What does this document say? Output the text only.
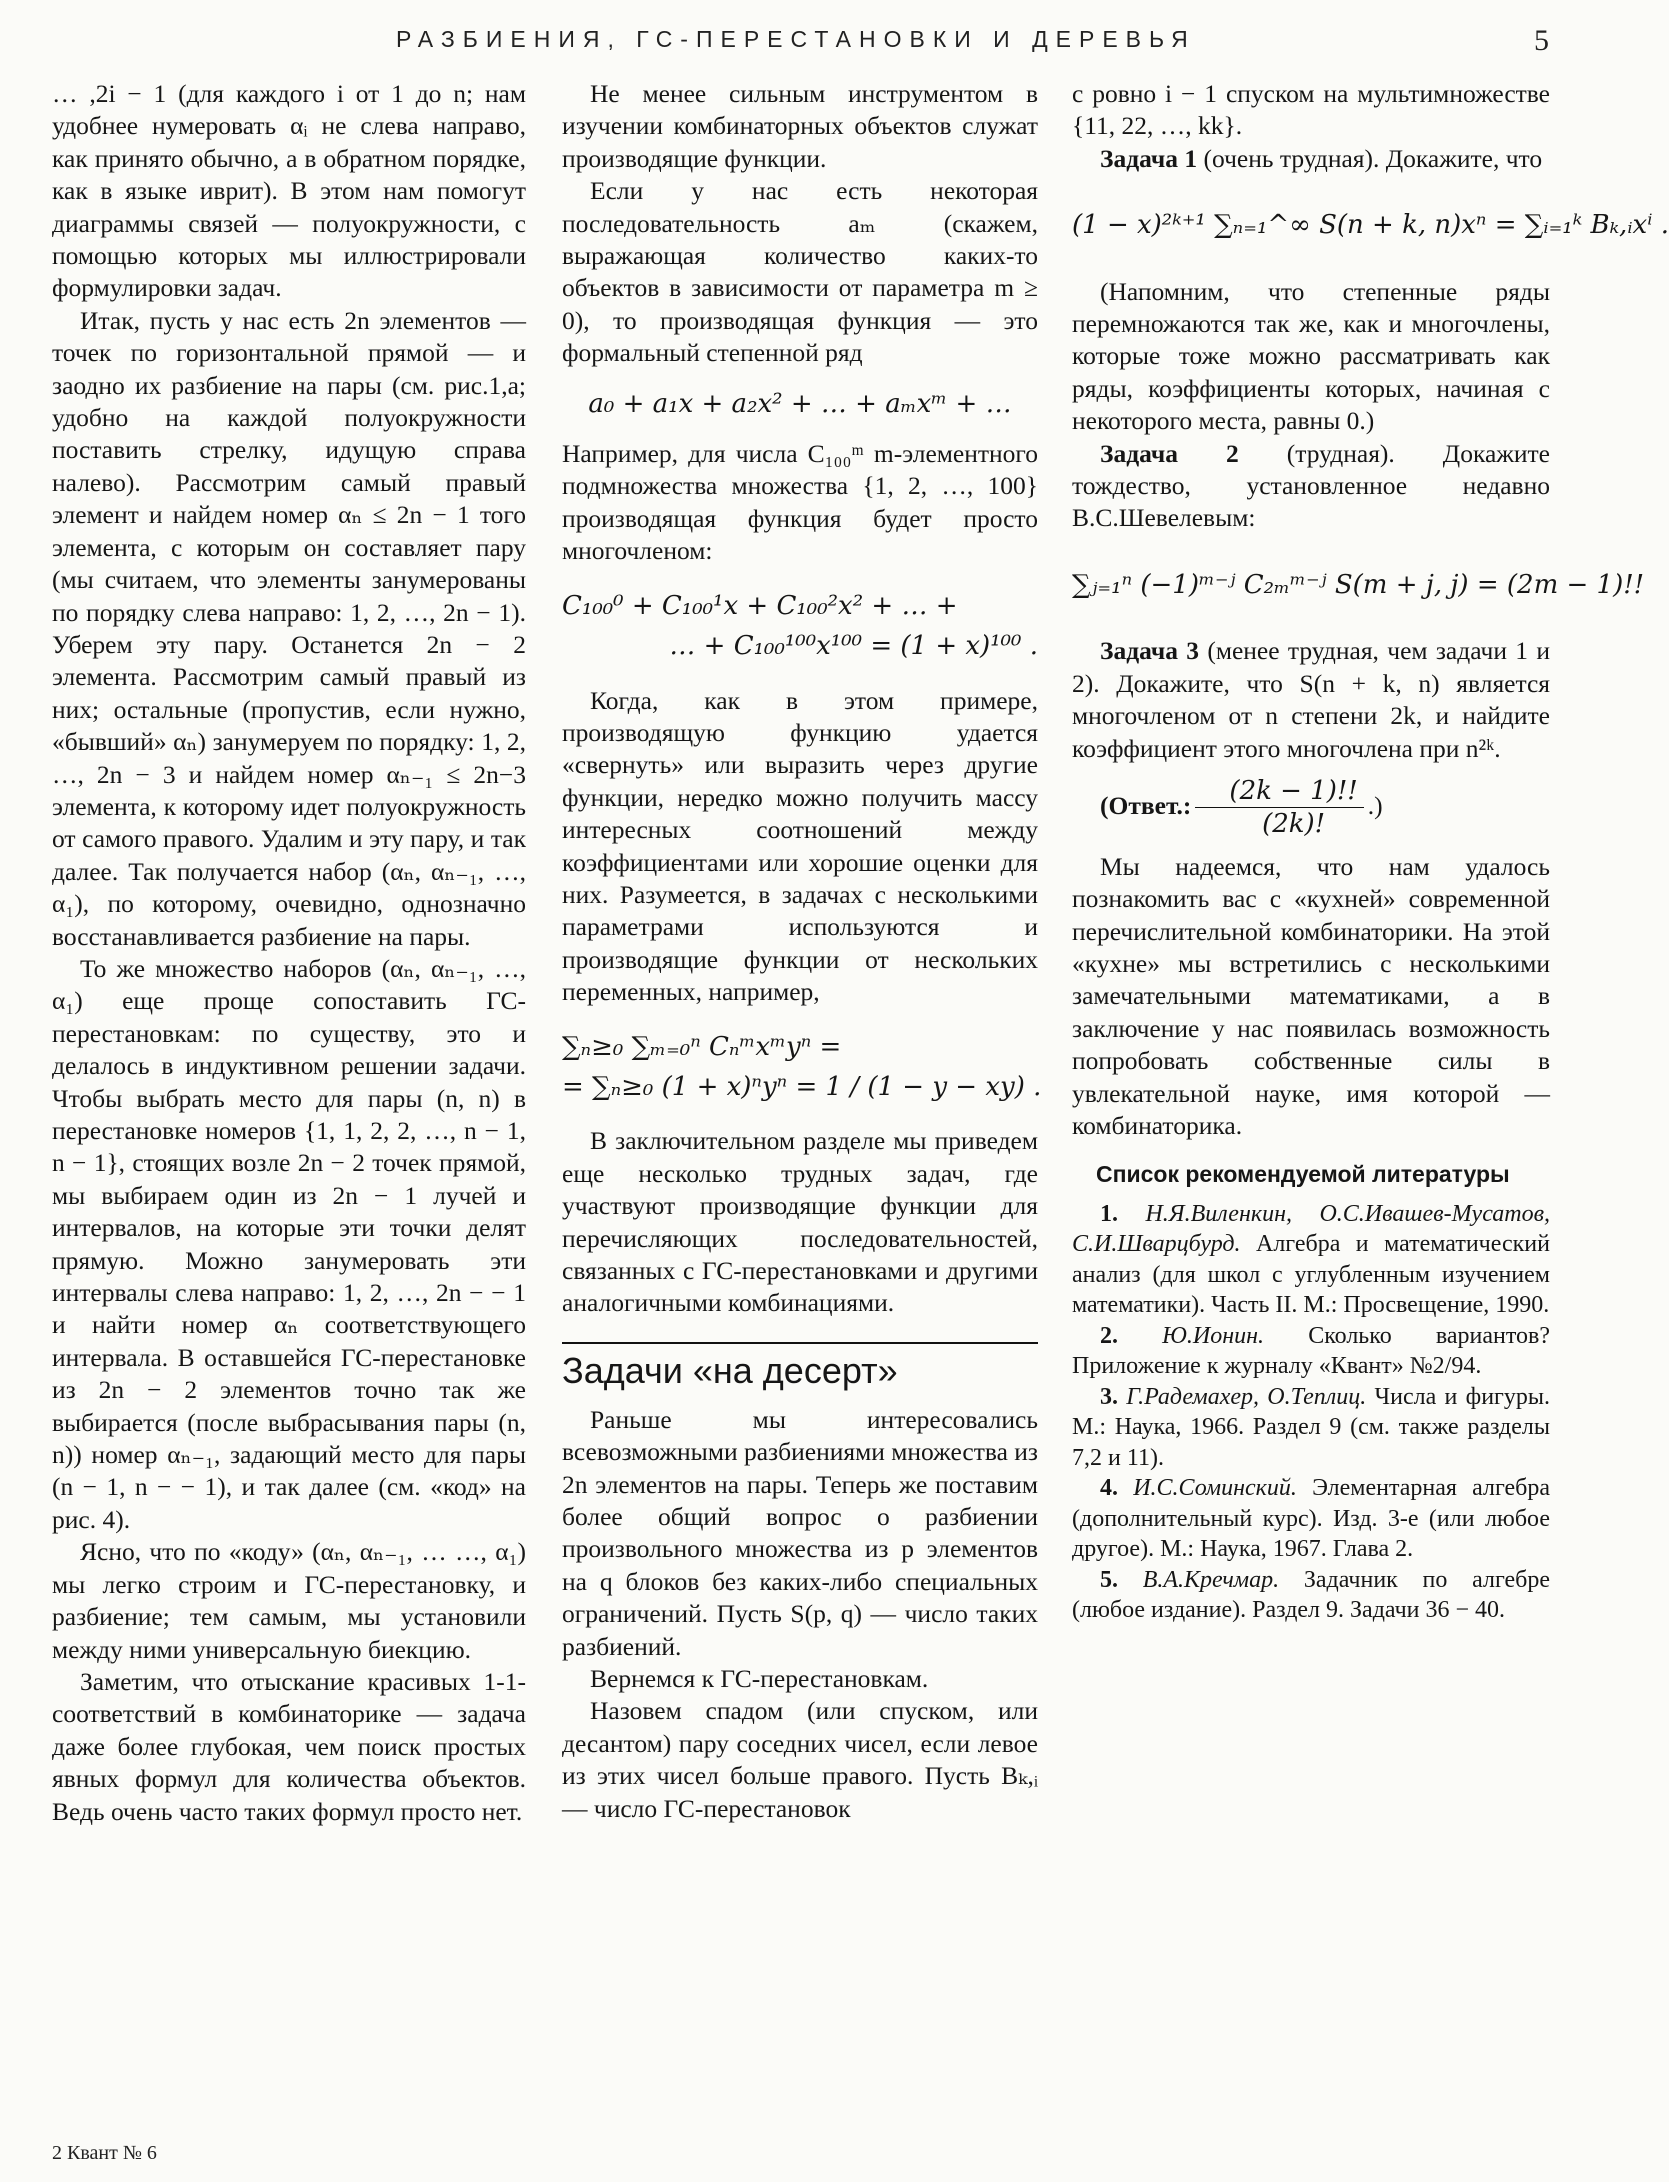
РАЗБИЕНИЯ, ГС-ПЕРЕСТАНОВКИ И ДЕРЕВЬЯ	5

… ,2i − 1 (для каждого i от 1 до n; нам удобнее нумеровать αᵢ не слева направо, как принято обычно, а в обратном порядке, как в языке иврит). В этом нам помогут диаграммы связей — полуокружности, с помощью которых мы иллюстрировали формулировки задач.

Итак, пусть у нас есть 2n элементов — точек по горизонтальной прямой — и заодно их разбиение на пары (см. рис.1,а; удобно на каждой полуокружности поставить стрелку, идущую справа налево). Рассмотрим самый правый элемент и найдем номер αₙ ≤ 2n − 1 того элемента, с которым он составляет пару (мы считаем, что элементы занумерованы по порядку слева направо: 1, 2, …, 2n − 1). Уберем эту пару. Останется 2n − 2 элемента. Рассмотрим самый правый из них; остальные (пропустив, если нужно, «бывший» αₙ) занумеруем по порядку: 1, 2, …, 2n − 3 и найдем номер αₙ₋₁ ≤ 2n−3 элемента, к которому идет полуокружность от самого правого. Удалим и эту пару, и так далее. Так получается набор (αₙ, αₙ₋₁, …, α₁), по которому, очевидно, однозначно восстанавливается разбиение на пары.

То же множество наборов (αₙ, αₙ₋₁, …, α₁) еще проще сопоставить ГС-перестановкам: по существу, это и делалось в индуктивном решении задачи. Чтобы выбрать место для пары (n, n) в перестановке номеров {1, 1, 2, 2, …, n − 1, n − 1}, стоящих возле 2n − 2 точек прямой, мы выбираем один из 2n − 1 лучей и интервалов, на которые эти точки делят прямую. Можно занумеровать эти интервалы слева направо: 1, 2, …, 2n − − 1 и найти номер αₙ соответствующего интервала. В оставшейся ГС-перестановке из 2n − 2 элементов точно так же выбирается (после выбрасывания пары (n, n)) номер αₙ₋₁, задающий место для пары (n − 1, n − − 1), и так далее (см. «код» на рис. 4).

Ясно, что по «коду» (αₙ, αₙ₋₁, … …, α₁) мы легко строим и ГС-перестановку, и разбиение; тем самым, мы установили между ними универсальную биекцию.

Заметим, что отыскание красивых 1-1-соответствий в комбинаторике — задача даже более глубокая, чем поиск простых явных формул для количества объектов. Ведь очень часто таких формул просто нет.

Не менее сильным инструментом в изучении комбинаторных объектов служат производящие функции.

Если у нас есть некоторая последовательность aₘ (скажем, выражающая количество каких-то объектов в зависимости от параметра m ≥ 0), то производящая функция — это формальный степенной ряд

a₀ + a₁x + a₂x² + … + aₘxᵐ + …

Например, для числа C₁₀₀ᵐ m-элементного подмножества множества {1, 2, …, 100} производящая функция будет просто многочленом:

C₁₀₀⁰ + C₁₀₀¹x + C₁₀₀²x² + … +
… + C₁₀₀¹⁰⁰x¹⁰⁰ = (1 + x)¹⁰⁰ .

Когда, как в этом примере, производящую функцию удается «свернуть» или выразить через другие функции, нередко можно получить массу интересных соотношений между коэффициентами или хорошие оценки для них. Разумеется, в задачах с несколькими параметрами используются и производящие функции от нескольких переменных, например,

∑ₙ≥₀ ∑ₘ₌₀ⁿ Cₙᵐxᵐyⁿ =
= ∑ₙ≥₀ (1 + x)ⁿyⁿ = 1 / (1 − y − xy) .

В заключительном разделе мы приведем еще несколько трудных задач, где участвуют производящие функции для перечисляющих последовательностей, связанных с ГС-перестановками и другими аналогичными комбинациями.

Задачи «на десерт»

Раньше мы интересовались всевозможными разбиениями множества из 2n элементов на пары. Теперь же поставим более общий вопрос о разбиении произвольного множества из p элементов на q блоков без каких-либо специальных ограничений. Пусть S(p, q) — число таких разбиений.

Вернемся к ГС-перестановкам.

Назовем спадом (или спуском, или десантом) пару соседних чисел, если левое из этих чисел больше правого. Пусть Bₖ,ᵢ — число ГС-перестановок

с ровно i − 1 спуском на мультимножестве {11, 22, …, kk}.

Задача 1 (очень трудная). Докажите, что

(1 − x)²ᵏ⁺¹ ∑ₙ₌₁^∞ S(n + k, n)xⁿ = ∑ᵢ₌₁ᵏ Bₖ,ᵢxⁱ .

(Напомним, что степенные ряды перемножаются так же, как и многочлены, которые тоже можно рассматривать как ряды, коэффициенты которых, начиная с некоторого места, равны 0.)

Задача 2 (трудная). Докажите тождество, установленное недавно В.С.Шевелевым:

∑ⱼ₌₁ⁿ (−1)ᵐ⁻ʲ C₂ₘᵐ⁻ʲ S(m + j, j) = (2m − 1)!!

Задача 3 (менее трудная, чем задачи 1 и 2). Докажите, что S(n + k, n) является многочленом от n степени 2k, и найдите коэффициент этого многочлена при n²ᵏ.

(Ответ.: $\frac{(2k - 1)!!}{(2k)!}$ .)

Мы надеемся, что нам удалось познакомить вас с «кухней» современной перечислительной комбинаторики. На этой «кухне» мы встретились с несколькими замечательными математиками, а в заключение у нас появилась возможность попробовать собственные силы в увлекательной науке, имя которой — комбинаторика.

Список рекомендуемой литературы

1. Н.Я.Виленкин, О.С.Ивашев-Мусатов, С.И.Шварцбурд. Алгебра и математический анализ (для школ с углубленным изучением математики). Часть II. М.: Просвещение, 1990.

2. Ю.Ионин. Сколько вариантов? Приложение к журналу «Квант» №2/94.

3. Г.Радемахер, О.Теплиц. Числа и фигуры. М.: Наука, 1966. Раздел 9 (см. также разделы 7,2 и 11).

4. И.С.Соминский. Элементарная алгебра (дополнительный курс). Изд. 3-е (или любое другое). М.: Наука, 1967. Глава 2.

5. В.А.Кречмар. Задачник по алгебре (любое издание). Раздел 9. Задачи 36 − 40.

2 Квант № 6
